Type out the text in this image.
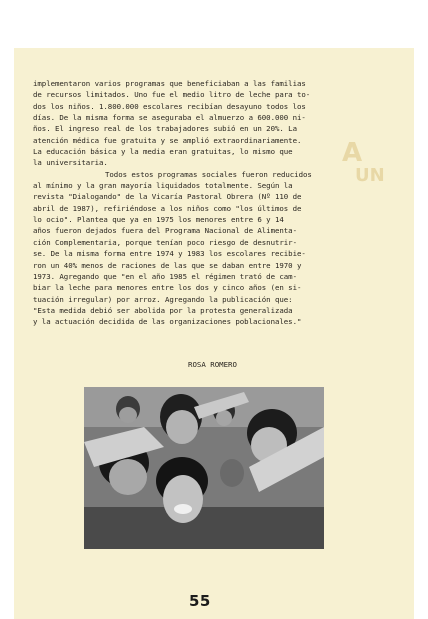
A
UN
implementaron varios programas que beneficiaban a las familias
de recursos limitados. Uno fue el medio litro de leche para to-
dos los niños. 1.800.000 escolares recibían desayuno todos los
días. De la misma forma se aseguraba el almuerzo a 600.000 ni-
ños. El ingreso real de los trabajadores subió en un 20%. La
atención médica fue gratuita y se amplió extraordinariamente.
La educación básica y la media eran gratuitas, lo mismo que
la universitaria.
Todos estos programas sociales fueron reducidos
al mínimo y la gran mayoría liquidados totalmente. Según la
revista "Dialogando" de la Vicaría Pastoral Obrera (Nº 110 de
abril de 1987), refiriéndose a los niños como "los últimos de
lo ocio". Plantea que ya en 1975 los menores entre 6 y 14
años fueron dejados fuera del Programa Nacional de Alimenta-
ción Complementaria, porque tenían poco riesgo de desnutrir-
se. De la misma forma entre 1974 y 1983 los escolares recibie-
ron un 40% menos de raciones de las que se daban entre 1970 y
1973. Agregando que "en el año 1985 el régimen trató de cam-
biar la leche para menores entre los dos y cinco años (en si-
tuación irregular) por arroz. Agregando la publicación que:
"Esta medida debió ser abolida por la protesta generalizada
y la actuación decidida de las organizaciones poblacionales."
ROSA ROMERO
55
